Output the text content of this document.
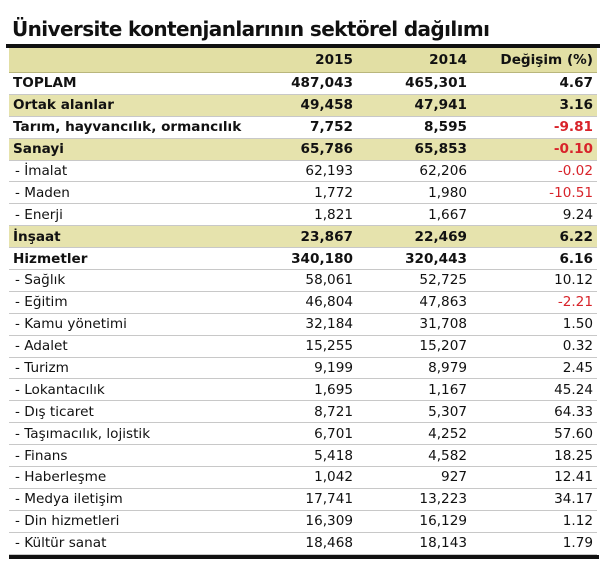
Üniversite kontenjanlarının sektörel dağılımı
	2015	2014	Değişim (%)
TOPLAM	487,043	465,301	4.67
Ortak alanlar	49,458	47,941	3.16
Tarım, hayvancılık, ormancılık	7,752	8,595	-9.81
Sanayi	65,786	65,853	-0.10
- İmalat	62,193	62,206	-0.02
- Maden	1,772	1,980	-10.51
- Enerji	1,821	1,667	9.24
İnşaat	23,867	22,469	6.22
Hizmetler	340,180	320,443	6.16
- Sağlık	58,061	52,725	10.12
- Eğitim	46,804	47,863	-2.21
- Kamu yönetimi	32,184	31,708	1.50
- Adalet	15,255	15,207	0.32
- Turizm	9,199	8,979	2.45
- Lokantacılık	1,695	1,167	45.24
- Dış ticaret	8,721	5,307	64.33
- Taşımacılık, lojistik	6,701	4,252	57.60
- Finans	5,418	4,582	18.25
- Haberleşme	1,042	927	12.41
- Medya iletişim	17,741	13,223	34.17
- Din hizmetleri	16,309	16,129	1.12
- Kültür sanat	18,468	18,143	1.79
